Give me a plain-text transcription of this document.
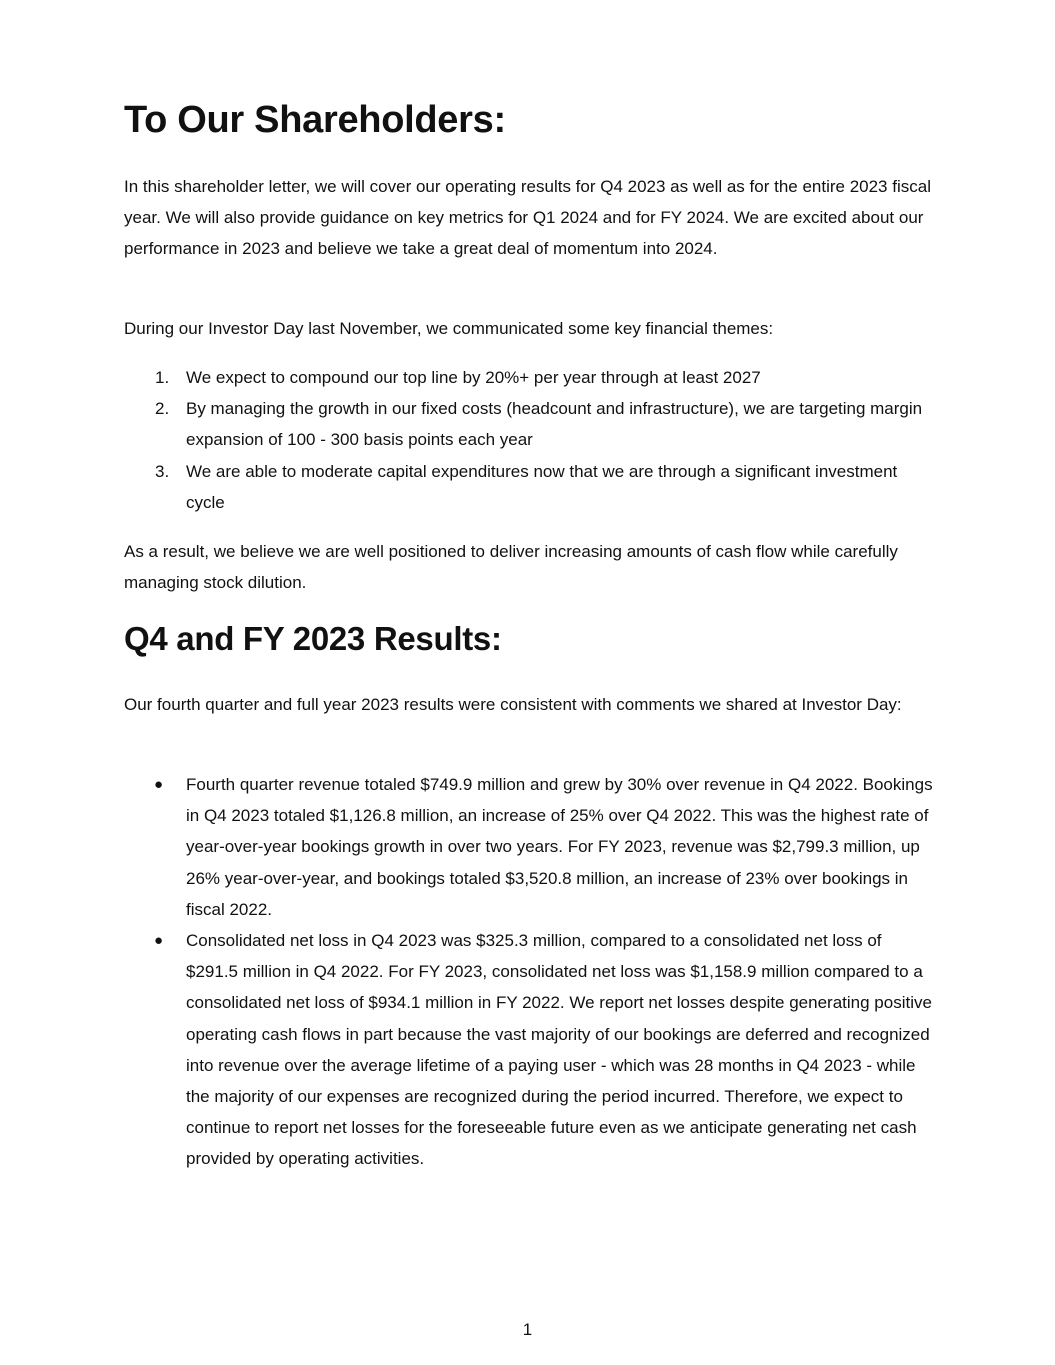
To Our Shareholders:

In this shareholder letter, we will cover our operating results for Q4 2023 as well as for the entire 2023 fiscal year. We will also provide guidance on key metrics for Q1 2024 and for FY 2024. We are excited about our performance in 2023 and believe we take a great deal of momentum into 2024.

During our Investor Day last November, we communicated some key financial themes:

1. We expect to compound our top line by 20%+ per year through at least 2027
2. By managing the growth in our fixed costs (headcount and infrastructure), we are targeting margin expansion of 100 - 300 basis points each year
3. We are able to moderate capital expenditures now that we are through a significant investment cycle

As a result, we believe we are well positioned to deliver increasing amounts of cash flow while carefully managing stock dilution.

Q4 and FY 2023 Results:

Our fourth quarter and full year 2023 results were consistent with comments we shared at Investor Day:

● Fourth quarter revenue totaled $749.9 million and grew by 30% over revenue in Q4 2022. Bookings in Q4 2023 totaled $1,126.8 million, an increase of 25% over Q4 2022. This was the highest rate of year-over-year bookings growth in over two years. For FY 2023, revenue was $2,799.3 million, up 26% year-over-year, and bookings totaled $3,520.8 million, an increase of 23% over bookings in fiscal 2022.
● Consolidated net loss in Q4 2023 was $325.3 million, compared to a consolidated net loss of $291.5 million in Q4 2022. For FY 2023, consolidated net loss was $1,158.9 million compared to a consolidated net loss of $934.1 million in FY 2022. We report net losses despite generating positive operating cash flows in part because the vast majority of our bookings are deferred and recognized into revenue over the average lifetime of a paying user - which was 28 months in Q4 2023 - while the majority of our expenses are recognized during the period incurred. Therefore, we expect to continue to report net losses for the foreseeable future even as we anticipate generating net cash provided by operating activities.
1
